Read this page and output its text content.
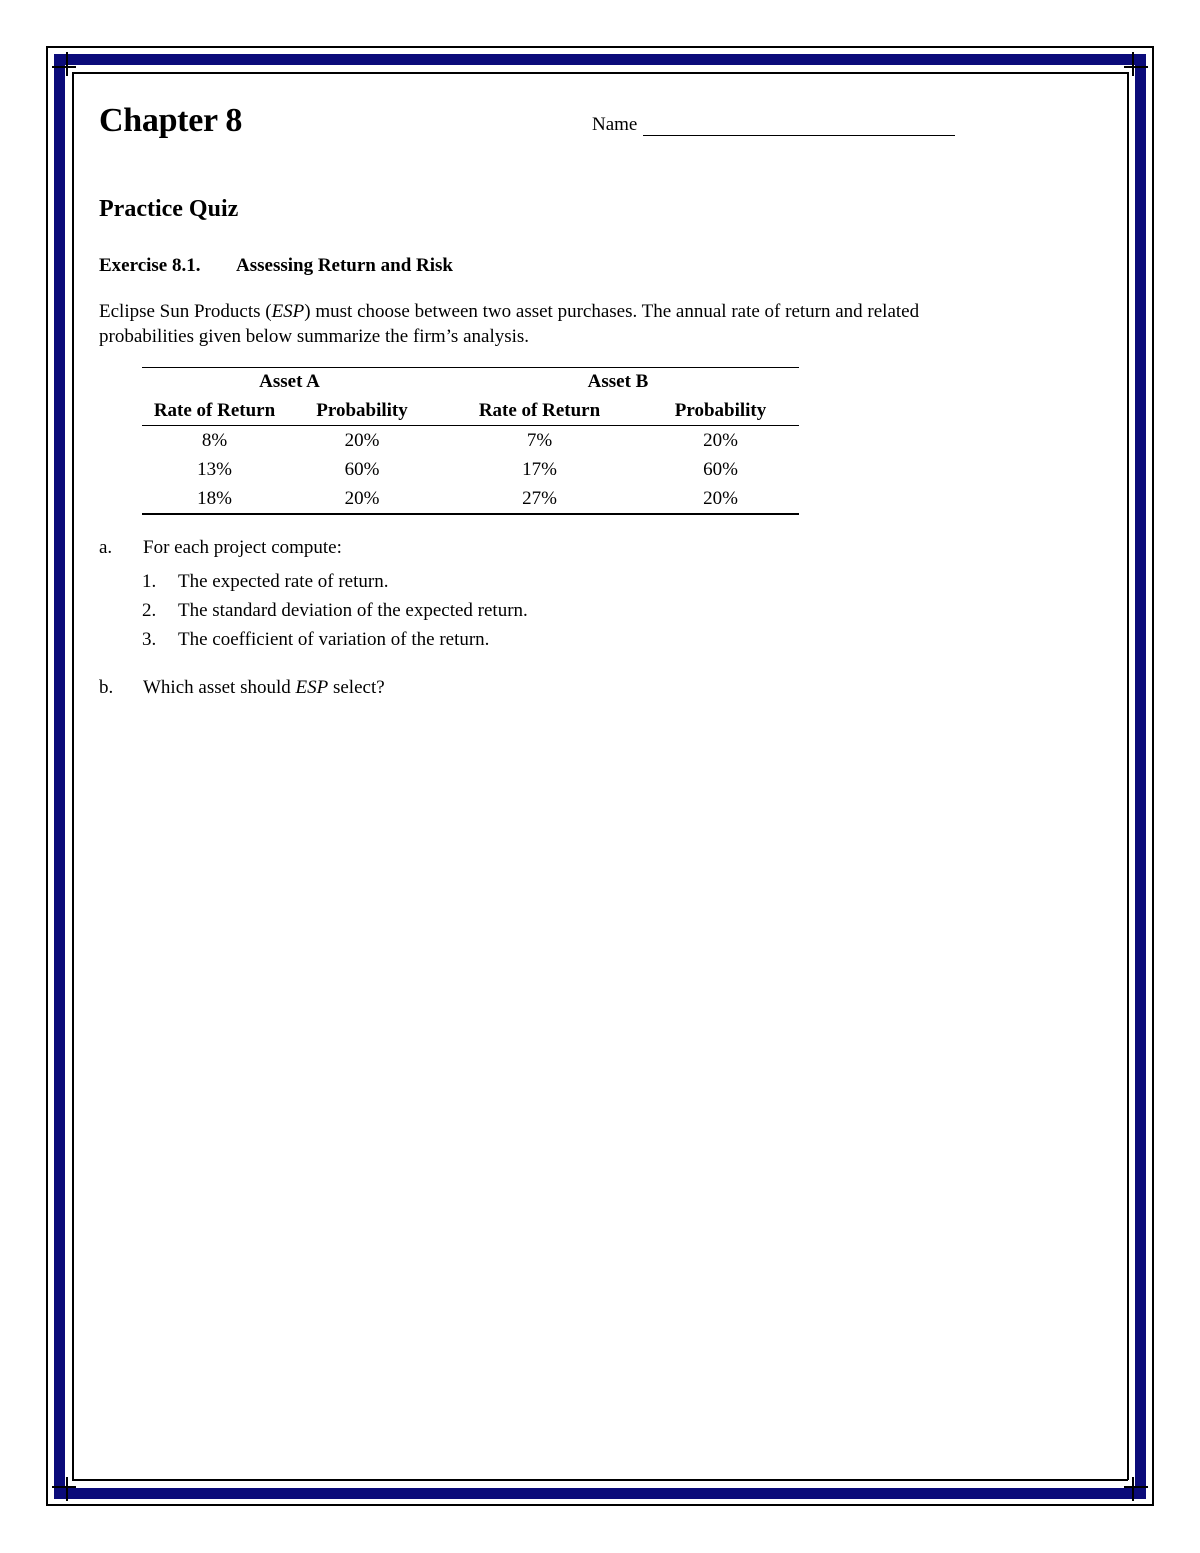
Chapter 8	Name
Practice Quiz
Exercise 8.1. Assessing Return and Risk
Eclipse Sun Products (ESP) must choose between two asset purchases. The annual rate of return and related probabilities given below summarize the firm’s analysis.
Asset A		Asset B	
Rate of Return	Probability	Rate of Return	Probability
8%	20%	7%	20%
13%	60%	17%	60%
18%	20%	27%	20%
a.	For each project compute:
1.	The expected rate of return.
2.	The standard deviation of the expected return.
3.	The coefficient of variation of the return.
b.	Which asset should ESP select?
